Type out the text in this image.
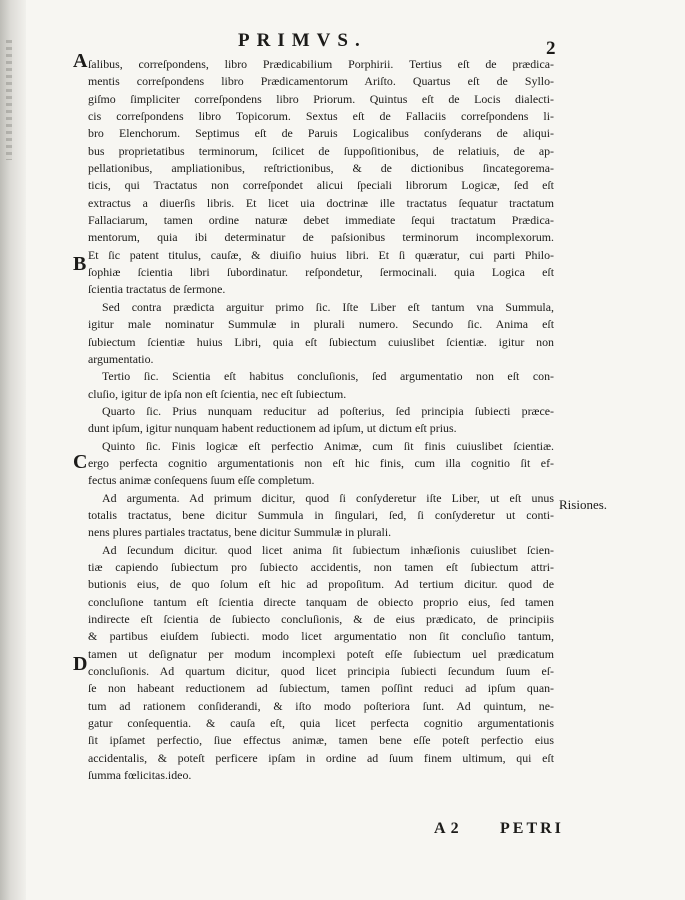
PRIMVS.	2
A
B
C
D
Risiones.
ſalibus, correſpondens, libro Prædicabilium Porphirii. Tertius eſt de prædica-
mentis correſpondens libro Prædicamentorum Ariſto. Quartus eſt de Syllo-
giſmo ſimpliciter correſpondens libro Priorum. Quintus eſt de Locis dialecti-
cis correſpondens libro Topicorum. Sextus eſt de Fallaciis correſpondens li-
bro Elenchorum. Septimus eſt de Paruis Logicalibus conſyderans de aliqui-
bus proprietatibus terminorum, ſcilicet de ſuppoſitionibus, de relatiuis, de ap-
pellationibus, ampliationibus, reſtrictionibus, & de dictionibus ſincategorema-
ticis, qui Tractatus non correſpondet alicui ſpeciali librorum Logicæ, ſed eſt
extractus a diuerſis libris. Et licet uia doctrinæ ille tractatus ſequatur tractatum
Fallaciarum, tamen ordine naturæ debet immediate ſequi tractatum Prædica-
mentorum, quia ibi determinatur de paſsionibus terminorum incomplexorum.
Et ſic patent titulus, cauſæ, & diuiſio huius libri. Et ſi quæratur, cui parti Philo-
ſophiæ ſcientia libri ſubordinatur. reſpondetur, ſermocinali. quia Logica eſt
ſcientia tractatus de ſermone.
Sed contra prædicta arguitur primo ſic. Iſte Liber eſt tantum vna Summula,
igitur male nominatur Summulæ in plurali numero. Secundo ſic. Anima eſt
ſubiectum ſcientiæ huius Libri, quia eſt ſubiectum cuiuslibet ſcientiæ. igitur non
argumentatio.
Tertio ſic. Scientia eſt habitus concluſionis, ſed argumentatio non eſt con-
cluſio, igitur de ipſa non eſt ſcientia, nec eſt ſubiectum.
Quarto ſic. Prius nunquam reducitur ad poſterius, ſed principia ſubiecti præce-
dunt ipſum, igitur nunquam habent reductionem ad ipſum, ut dictum eſt prius.
Quinto ſic. Finis logicæ eſt perfectio Animæ, cum ſit finis cuiuslibet ſcientiæ.
ergo perfecta cognitio argumentationis non eſt hic finis, cum illa cognitio ſit ef-
fectus animæ conſequens ſuum eſſe completum.
Ad argumenta. Ad primum dicitur, quod ſi conſyderetur iſte Liber, ut eſt unus
totalis tractatus, bene dicitur Summula in ſingulari, ſed, ſi conſyderetur ut conti-
nens plures partiales tractatus, bene dicitur Summulæ in plurali.
Ad ſecundum dicitur. quod licet anima ſit ſubiectum inhæſionis cuiuslibet ſcien-
tiæ capiendo ſubiectum pro ſubiecto accidentis, non tamen eſt ſubiectum attri-
butionis eius, de quo ſolum eſt hic ad propoſitum. Ad tertium dicitur. quod de
concluſione tantum eſt ſcientia directe tanquam de obiecto proprio eius, ſed tamen
indirecte eſt ſcientia de ſubiecto concluſionis, & de eius prædicato, de principiis
& partibus eiuſdem ſubiecti. modo licet argumentatio non ſit concluſio tantum,
tamen ut deſignatur per modum incomplexi poteſt eſſe ſubiectum uel prædicatum
concluſionis. Ad quartum dicitur, quod licet principia ſubiecti ſecundum ſuum eſ-
ſe non habeant reductionem ad ſubiectum, tamen poſſint reduci ad ipſum quan-
tum ad rationem conſiderandi, & iſto modo poſteriora ſunt. Ad quintum, ne-
gatur conſequentia. & cauſa eſt, quia licet perfecta cognitio argumentationis
ſit ipſamet perfectio, ſiue effectus animæ, tamen bene eſſe poteſt perfectio eius
accidentalis, & poteſt perficere ipſam in ordine ad ſuum finem ultimum, qui eſt
ſumma fœlicitas.ideo.
A 2	PETRI
